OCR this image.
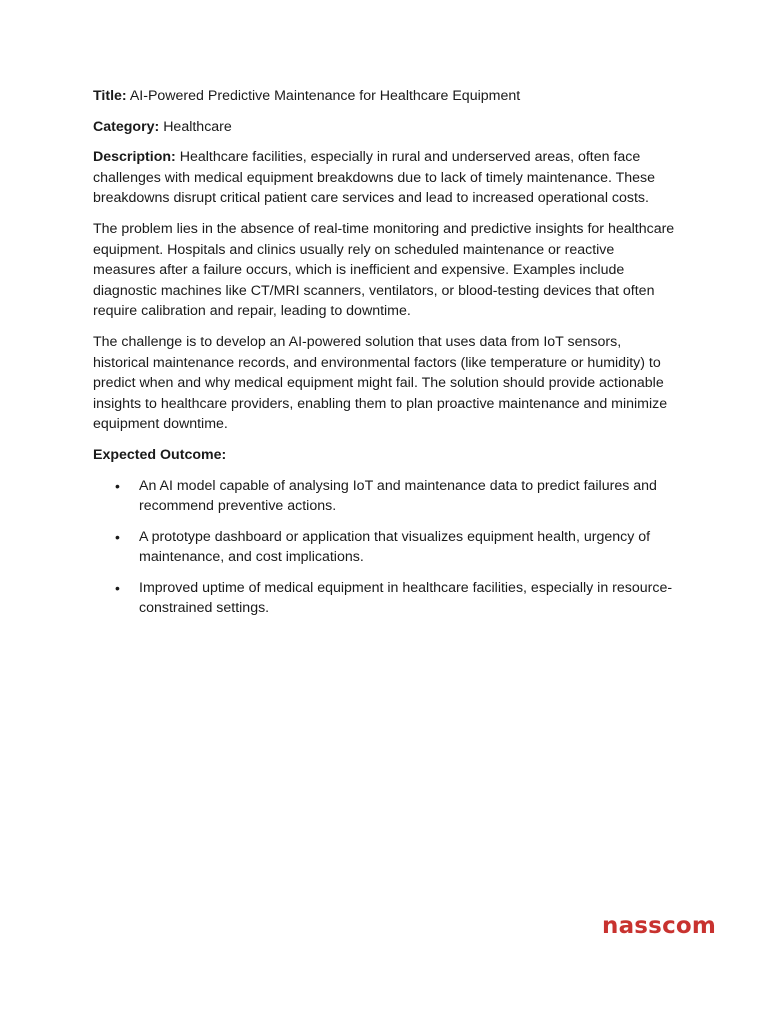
Title: AI-Powered Predictive Maintenance for Healthcare Equipment

Category: Healthcare

Description: Healthcare facilities, especially in rural and underserved areas, often face challenges with medical equipment breakdowns due to lack of timely maintenance. These breakdowns disrupt critical patient care services and lead to increased operational costs.

The problem lies in the absence of real-time monitoring and predictive insights for healthcare equipment. Hospitals and clinics usually rely on scheduled maintenance or reactive measures after a failure occurs, which is inefficient and expensive. Examples include diagnostic machines like CT/MRI scanners, ventilators, or blood-testing devices that often require calibration and repair, leading to downtime.

The challenge is to develop an AI-powered solution that uses data from IoT sensors, historical maintenance records, and environmental factors (like temperature or humidity) to predict when and why medical equipment might fail. The solution should provide actionable insights to healthcare providers, enabling them to plan proactive maintenance and minimize equipment downtime.

Expected Outcome:

• An AI model capable of analysing IoT and maintenance data to predict failures and recommend preventive actions.
• A prototype dashboard or application that visualizes equipment health, urgency of maintenance, and cost implications.
• Improved uptime of medical equipment in healthcare facilities, especially in resource-constrained settings.
nasscom
